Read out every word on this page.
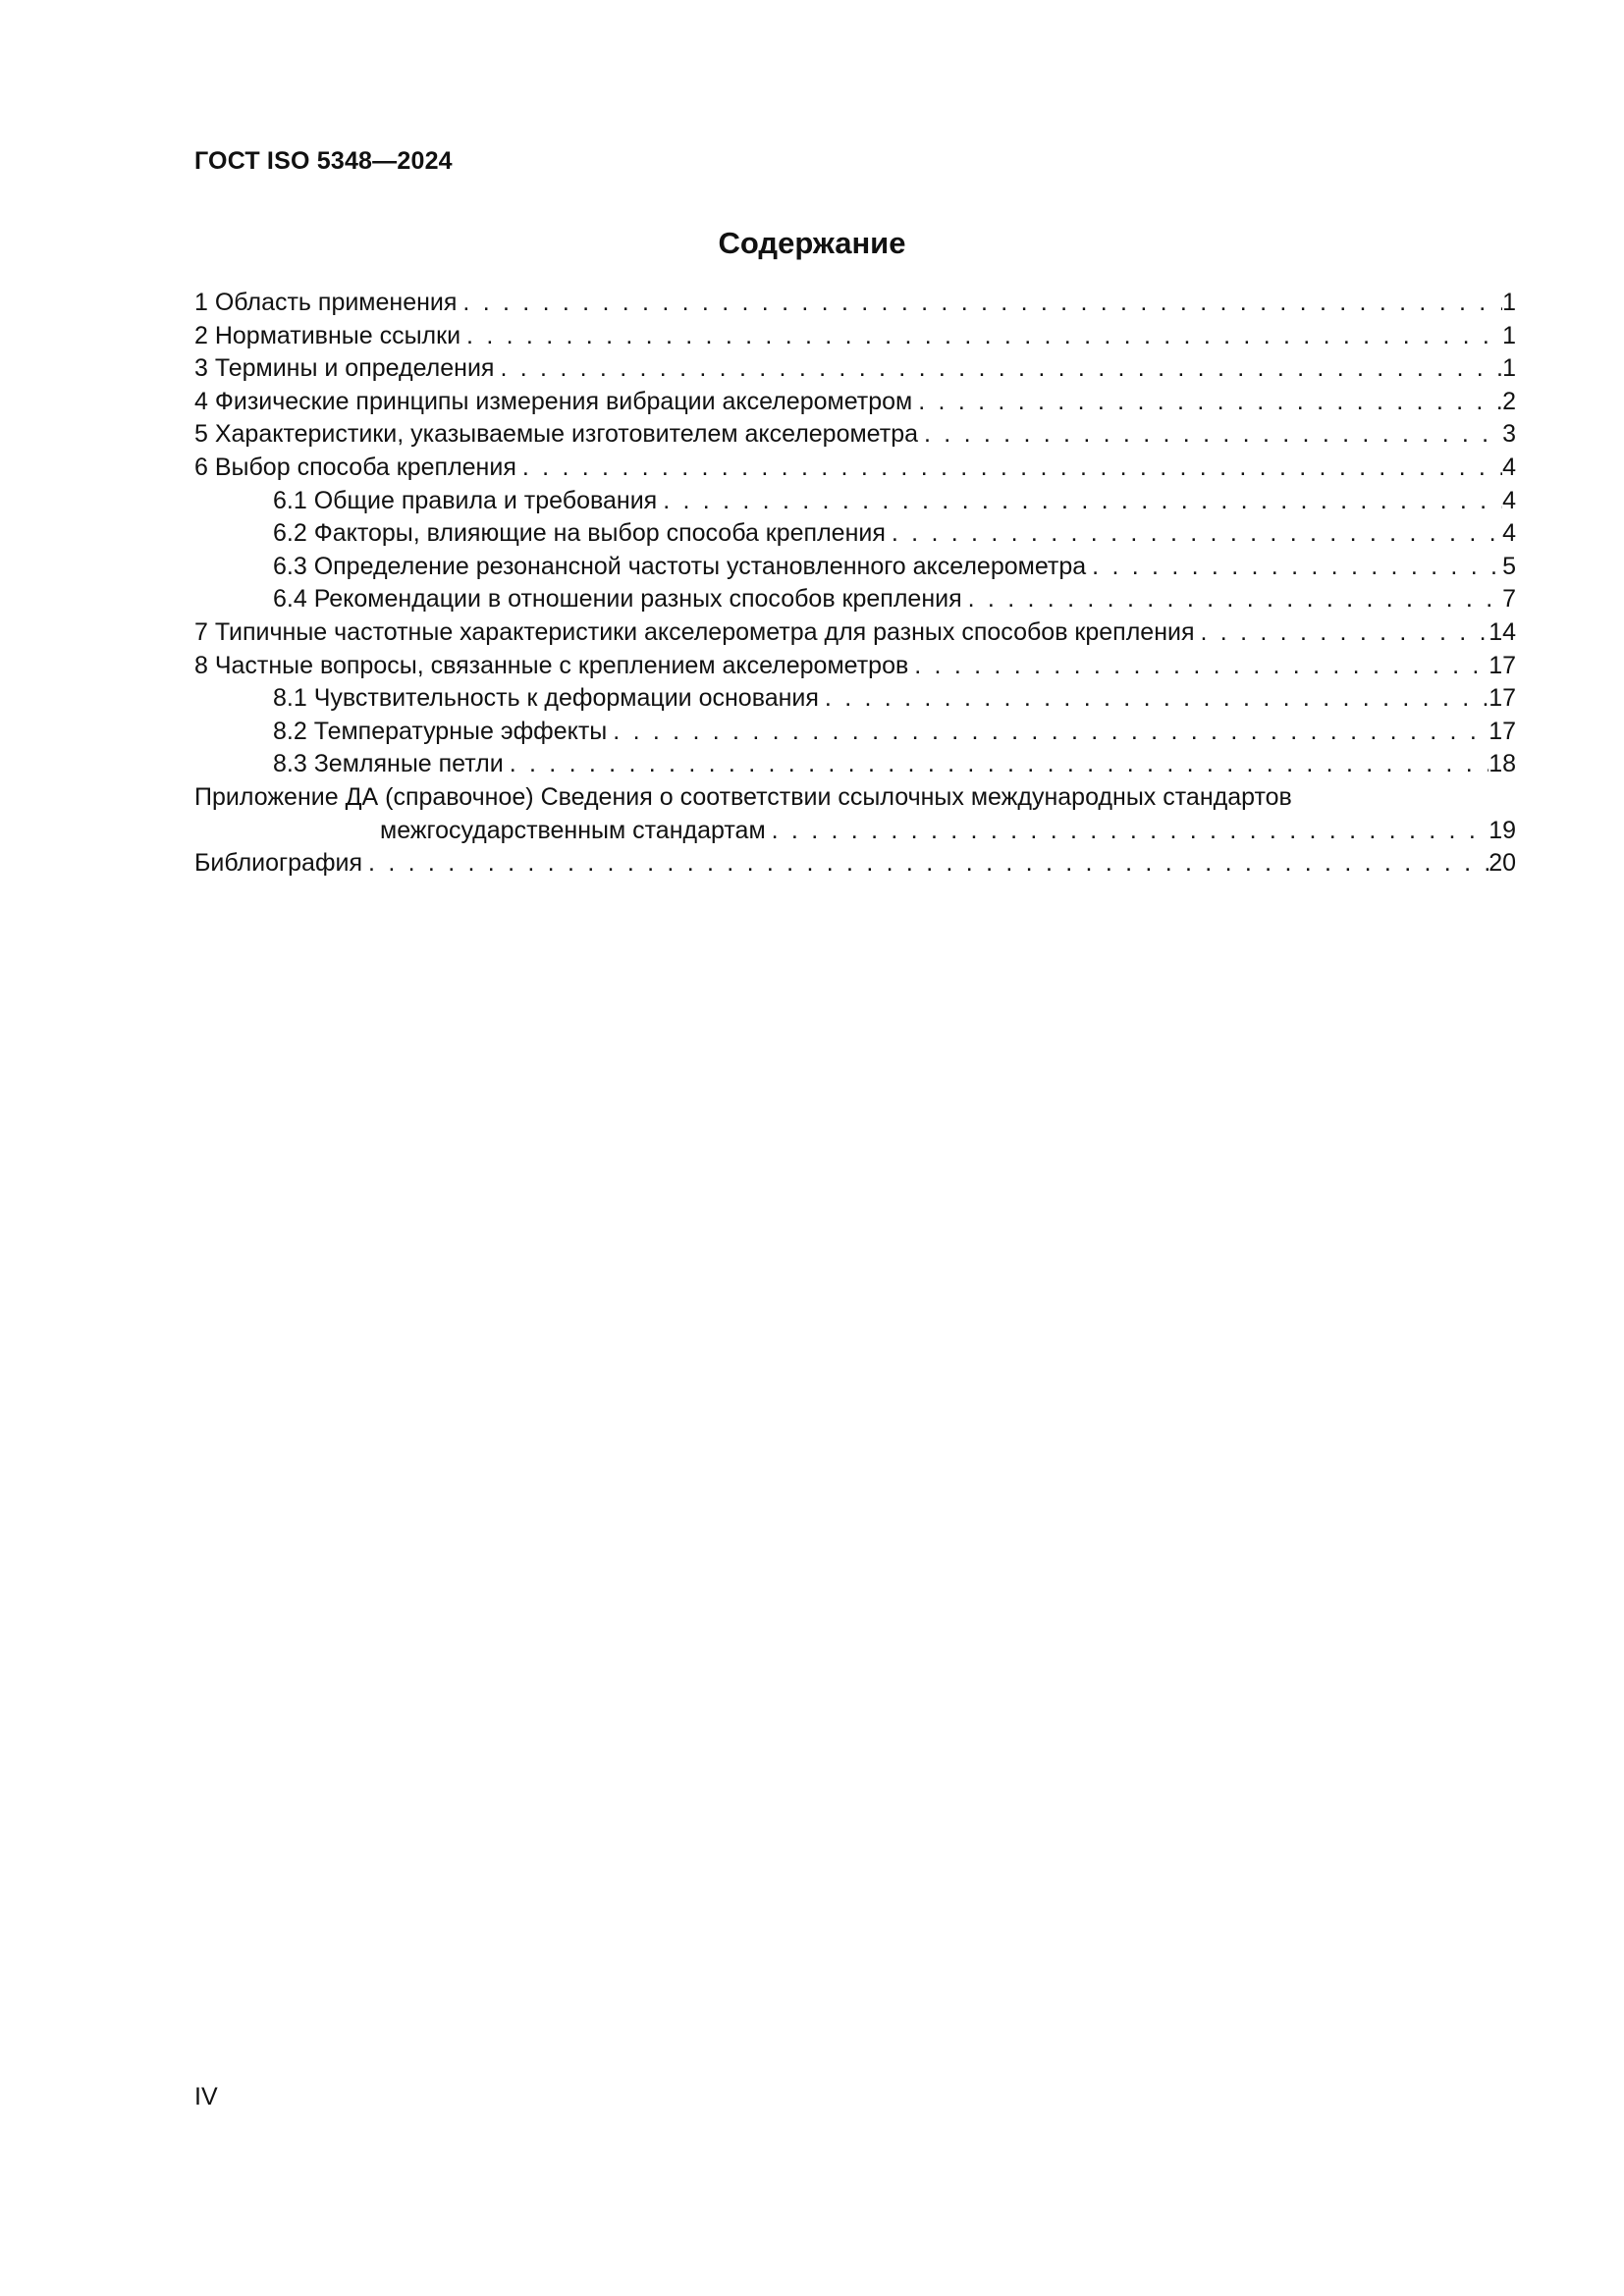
ГОСТ ISO 5348—2024
Содержание
1 Область применения . . .	1
2 Нормативные ссылки . . .	1
3 Термины и определения . . .	1
4 Физические принципы измерения вибрации акселерометром . . .	2
5 Характеристики, указываемые изготовителем акселерометра . . .	3
6 Выбор способа крепления . . .	4
6.1 Общие правила и требования . . .	4
6.2 Факторы, влияющие на выбор способа крепления . . .	4
6.3 Определение резонансной частоты установленного акселерометра . . .	5
6.4 Рекомендации в отношении разных способов крепления . . .	7
7 Типичные частотные характеристики акселерометра для разных способов крепления . . .	14
8 Частные вопросы, связанные с креплением акселерометров . . .	17
8.1 Чувствительность к деформации основания . . .	17
8.2 Температурные эффекты . . .	17
8.3 Земляные петли . . .	18
Приложение ДА (справочное) Сведения о соответствии ссылочных международных стандартов
межгосударственным стандартам . . .	19
Библиография . . .	20
IV
